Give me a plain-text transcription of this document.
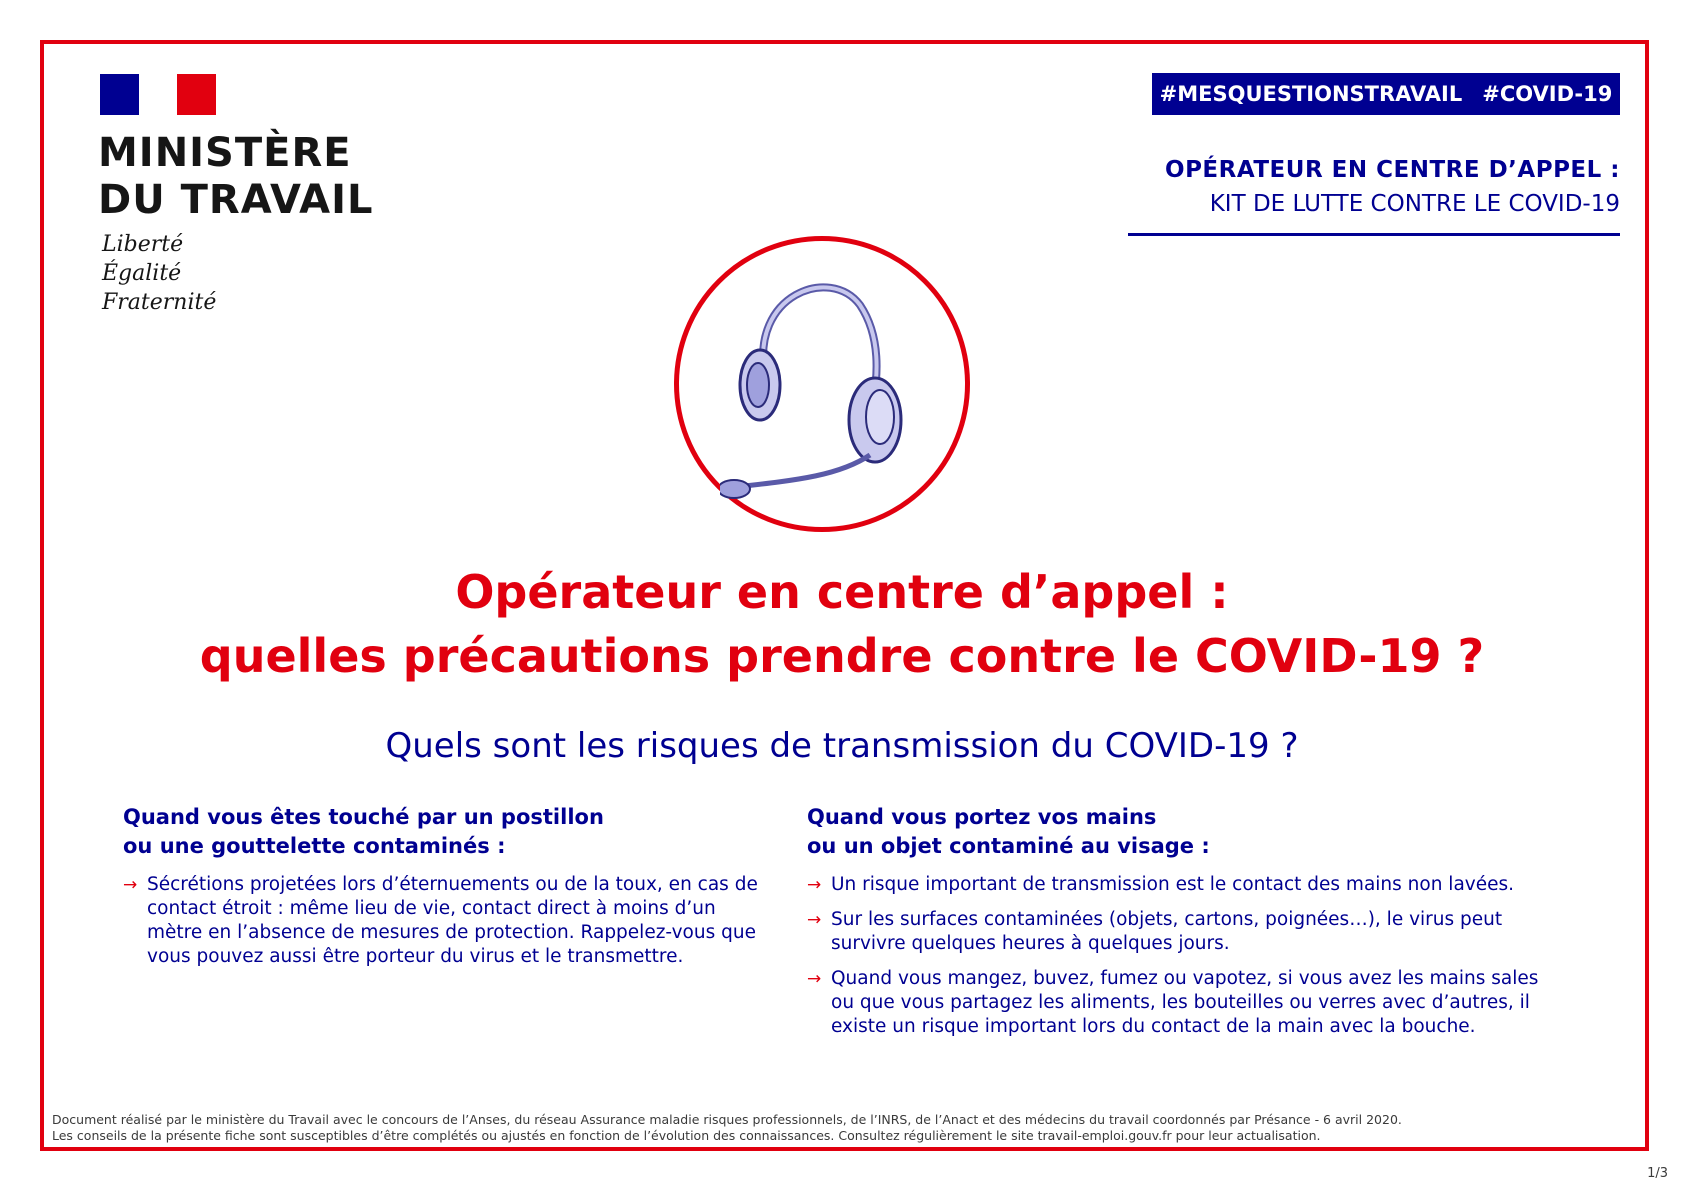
MINISTÈRE
DU TRAVAIL
Liberté
Égalité
Fraternité
#MESQUESTIONSTRAVAIL #COVID-19
OPÉRATEUR EN CENTRE D’APPEL :
KIT DE LUTTE CONTRE LE COVID-19
Opérateur en centre d’appel :
quelles précautions prendre contre le COVID-19 ?
Quels sont les risques de transmission du COVID-19 ?
Quand vous êtes touché par un postillon
ou une gouttelette contaminés :
→ Sécrétions projetées lors d’éternuements ou de la toux, en cas de contact étroit : même lieu de vie, contact direct à moins d’un mètre en l’absence de mesures de protection. Rappelez-vous que vous pouvez aussi être porteur du virus et le transmettre.
Quand vous portez vos mains
ou un objet contaminé au visage :
→ Un risque important de transmission est le contact des mains non lavées.
→ Sur les surfaces contaminées (objets, cartons, poignées…), le virus peut survivre quelques heures à quelques jours.
→ Quand vous mangez, buvez, fumez ou vapotez, si vous avez les mains sales ou que vous partagez les aliments, les bouteilles ou verres avec d’autres, il existe un risque important lors du contact de la main avec la bouche.
Document réalisé par le ministère du Travail avec le concours de l’Anses, du réseau Assurance maladie risques professionnels, de l’INRS, de l’Anact et des médecins du travail coordonnés par Présance - 6 avril 2020.
Les conseils de la présente fiche sont susceptibles d’être complétés ou ajustés en fonction de l’évolution des connaissances. Consultez régulièrement le site travail-emploi.gouv.fr pour leur actualisation.
1/3
